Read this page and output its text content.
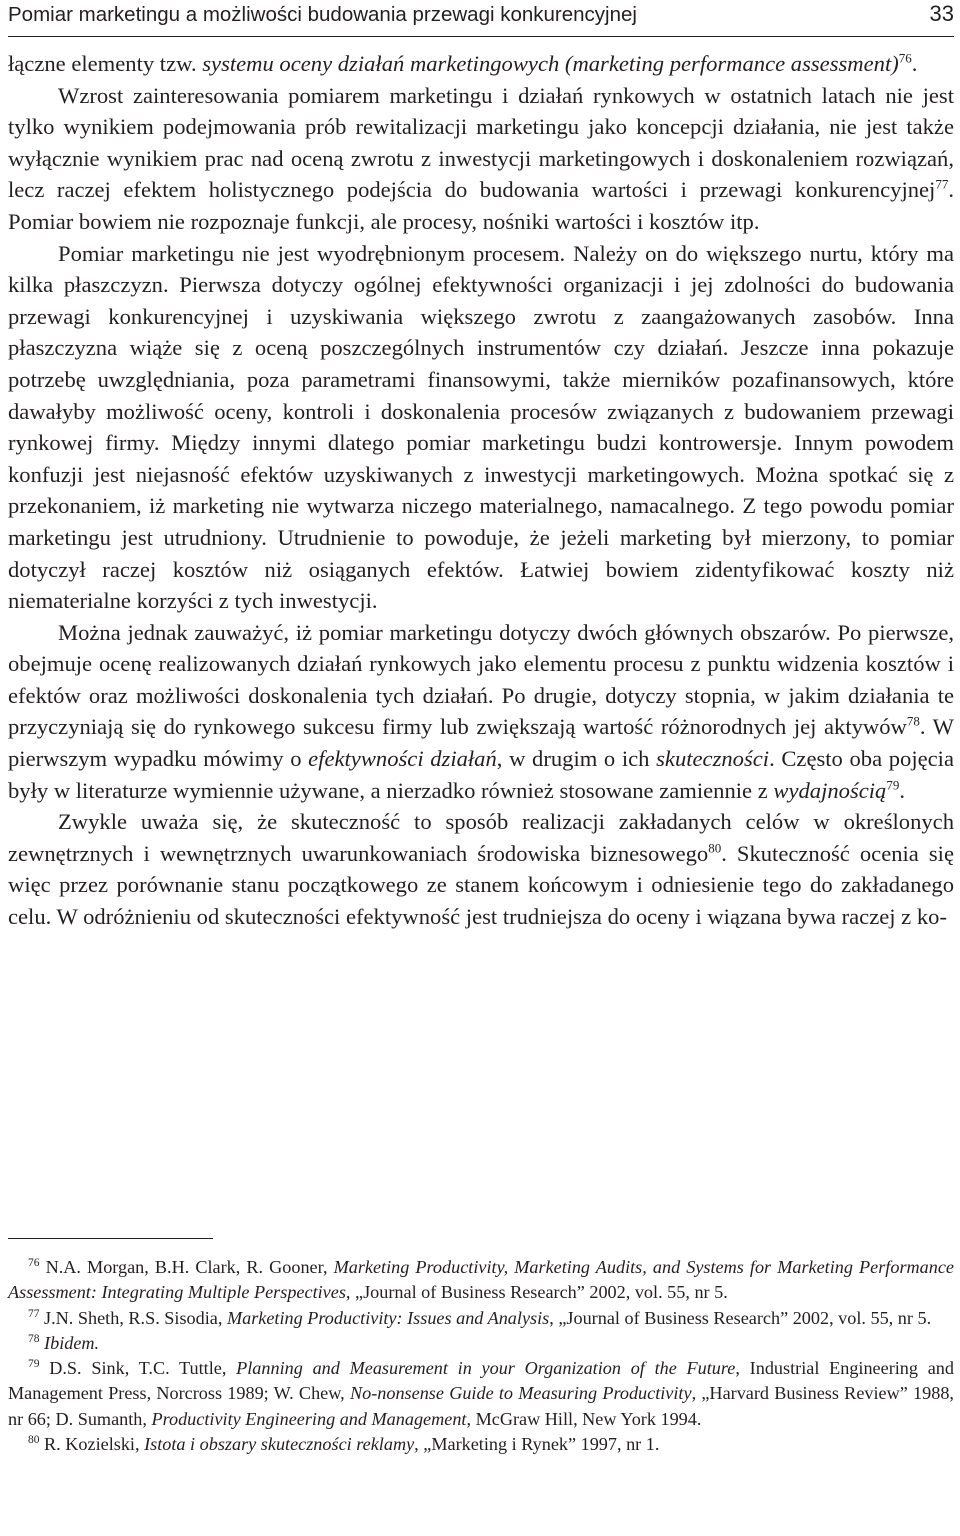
Pomiar marketingu a możliwości budowania przewagi konkurencyjnej	33

łączne elementy tzw. systemu oceny działań marketingowych (marketing performance assessment)$^{76}$.

Wzrost zainteresowania pomiarem marketingu i działań rynkowych w ostatnich latach nie jest tylko wynikiem podejmowania prób rewitalizacji marketingu jako koncepcji działania, nie jest także wyłącznie wynikiem prac nad oceną zwrotu z inwestycji marketingowych i doskonaleniem rozwiązań, lecz raczej efektem holistycznego podejścia do budowania wartości i przewagi konkurencyjnej$^{77}$. Pomiar bowiem nie rozpoznaje funkcji, ale procesy, nośniki wartości i kosztów itp.

Pomiar marketingu nie jest wyodrębnionym procesem. Należy on do większego nurtu, który ma kilka płaszczyzn. Pierwsza dotyczy ogólnej efektywności organizacji i jej zdolności do budowania przewagi konkurencyjnej i uzyskiwania większego zwrotu z zaangażowanych zasobów. Inna płaszczyzna wiąże się z oceną poszczególnych instrumentów czy działań. Jeszcze inna pokazuje potrzebę uwzględniania, poza parametrami finansowymi, także mierników pozafinansowych, które dawałyby możliwość oceny, kontroli i doskonalenia procesów związanych z budowaniem przewagi rynkowej firmy. Między innymi dlatego pomiar marketingu budzi kontrowersje. Innym powodem konfuzji jest niejasność efektów uzyskiwanych z inwestycji marketingowych. Można spotkać się z przekonaniem, iż marketing nie wytwarza niczego materialnego, namacalnego. Z tego powodu pomiar marketingu jest utrudniony. Utrudnienie to powoduje, że jeżeli marketing był mierzony, to pomiar dotyczył raczej kosztów niż osiąganych efektów. Łatwiej bowiem zidentyfikować koszty niż niematerialne korzyści z tych inwestycji.

Można jednak zauważyć, iż pomiar marketingu dotyczy dwóch głównych obszarów. Po pierwsze, obejmuje ocenę realizowanych działań rynkowych jako elementu procesu z punktu widzenia kosztów i efektów oraz możliwości doskonalenia tych działań. Po drugie, dotyczy stopnia, w jakim działania te przyczyniają się do rynkowego sukcesu firmy lub zwiększają wartość różnorodnych jej aktywów$^{78}$. W pierwszym wypadku mówimy o efektywności działań, w drugim o ich skuteczności. Często oba pojęcia były w literaturze wymiennie używane, a nierzadko również stosowane zamiennie z wydajnością$^{79}$.

Zwykle uważa się, że skuteczność to sposób realizacji zakładanych celów w określonych zewnętrznych i wewnętrznych uwarunkowaniach środowiska biznesowego$^{80}$. Skuteczność ocenia się więc przez porównanie stanu początkowego ze stanem końcowym i odniesienie tego do zakładanego celu. W odróżnieniu od skuteczności efektywność jest trudniejsza do oceny i wiązana bywa raczej z ko-

$^{76}$ N.A. Morgan, B.H. Clark, R. Gooner, Marketing Productivity, Marketing Audits, and Systems for Marketing Performance Assessment: Integrating Multiple Perspectives, „Journal of Business Research” 2002, vol. 55, nr 5.

$^{77}$ J.N. Sheth, R.S. Sisodia, Marketing Productivity: Issues and Analysis, „Journal of Business Research” 2002, vol. 55, nr 5.

$^{78}$ Ibidem.

$^{79}$ D.S. Sink, T.C. Tuttle, Planning and Measurement in your Organization of the Future, Industrial Engineering and Management Press, Norcross 1989; W. Chew, No-nonsense Guide to Measuring Productivity, „Harvard Business Review” 1988, nr 66; D. Sumanth, Productivity Engineering and Management, McGraw Hill, New York 1994.

$^{80}$ R. Kozielski, Istota i obszary skuteczności reklamy, „Marketing i Rynek” 1997, nr 1.
